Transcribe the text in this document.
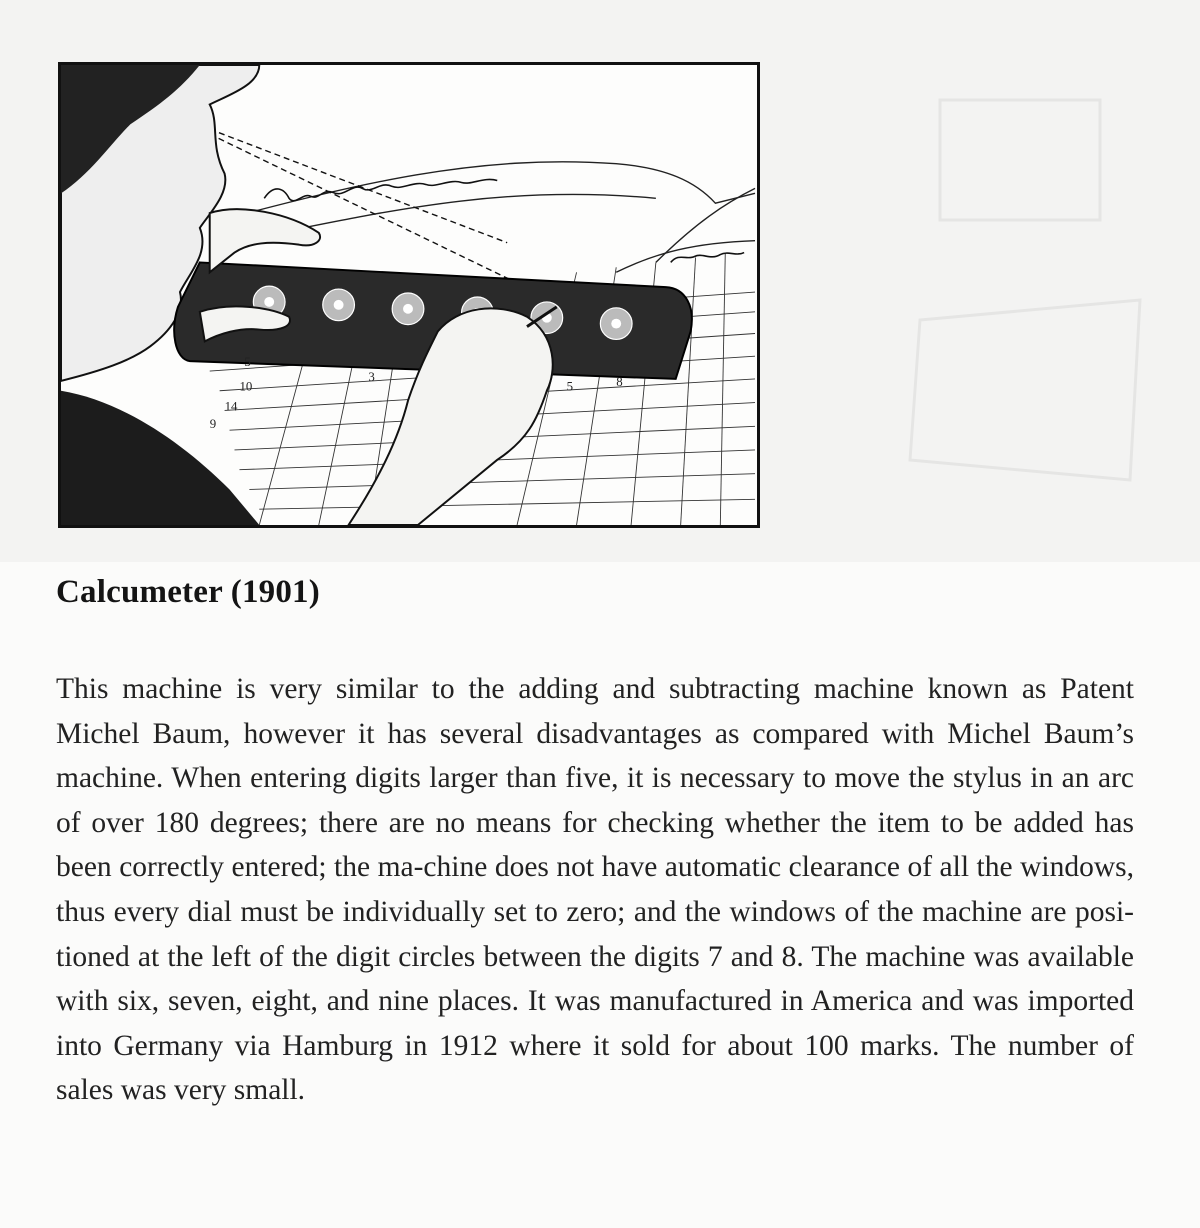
5
10
14
9
3
5	8
Calcumeter (1901)

This machine is very similar to the adding and subtracting machine known as Patent Michel Baum, however it has several disadvantages as compared with Michel Baum’s machine. When entering digits larger than five, it is necessary to move the stylus in an arc of over 180 degrees; there are no means for checking whether the item to be added has been correctly entered; the ma-chine does not have automatic clearance of all the windows, thus every dial must be individually set to zero; and the windows of the machine are posi-tioned at the left of the digit circles between the digits 7 and 8. The machine was available with six, seven, eight, and nine places. It was manufactured in America and was imported into Germany via Hamburg in 1912 where it sold for about 100 marks. The number of sales was very small.
